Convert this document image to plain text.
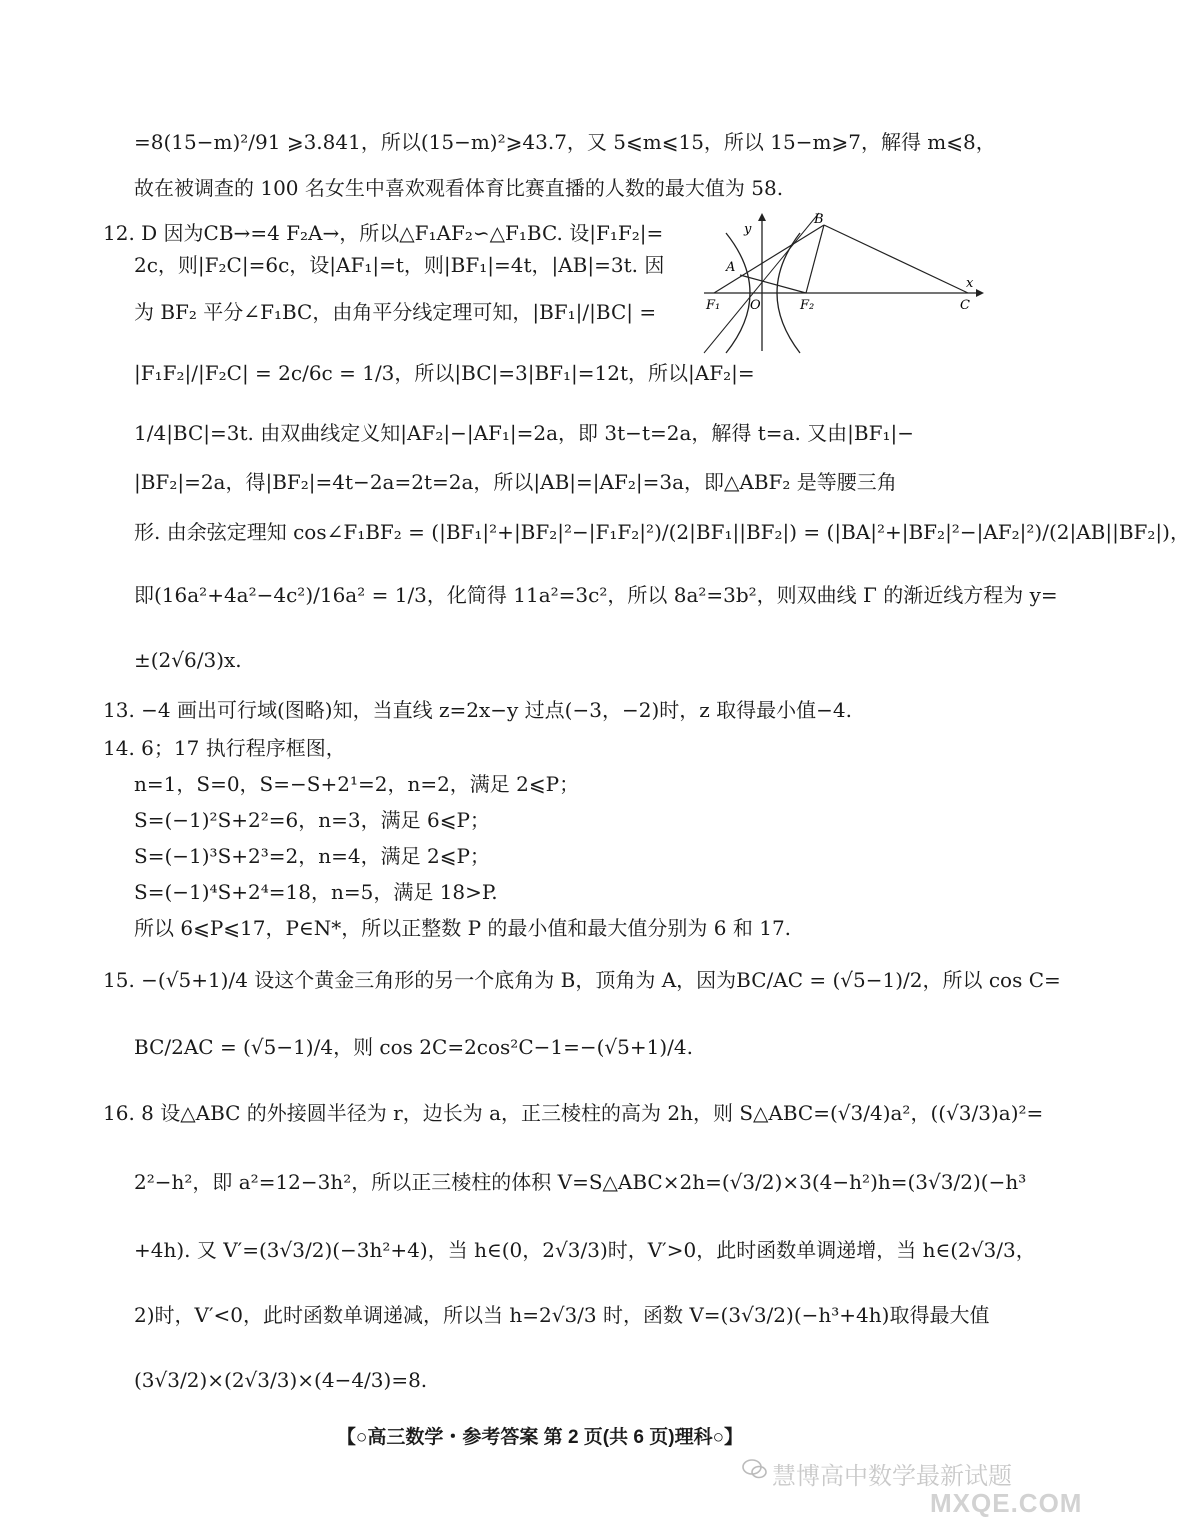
=8(15−m)²/91 ⩾3.841，所以(15−m)²⩾43.7，又 5⩽m⩽15，所以 15−m⩾7，解得 m⩽8，
故在被调查的 100 名女生中喜欢观看体育比赛直播的人数的最大值为 58.
12. D 因为CB→=4 F₂A→，所以△F₁AF₂∽△F₁BC. 设|F₁F₂|=
2c，则|F₂C|=6c，设|AF₁|=t，则|BF₁|=4t，|AB|=3t. 因
为 BF₂ 平分∠F₁BC，由角平分线定理可知，|BF₁|/|BC| =
|F₁F₂|/|F₂C| = 2c/6c = 1/3，所以|BC|=3|BF₁|=12t，所以|AF₂|=
1/4|BC|=3t. 由双曲线定义知|AF₂|−|AF₁|=2a，即 3t−t=2a，解得 t=a. 又由|BF₁|−
|BF₂|=2a，得|BF₂|=4t−2a=2t=2a，所以|AB|=|AF₂|=3a，即△ABF₂ 是等腰三角
形. 由余弦定理知 cos∠F₁BF₂ = (|BF₁|²+|BF₂|²−|F₁F₂|²)/(2|BF₁||BF₂|) = (|BA|²+|BF₂|²−|AF₂|²)/(2|AB||BF₂|)，
即(16a²+4a²−4c²)/16a² = 1/3，化简得 11a²=3c²，所以 8a²=3b²，则双曲线 Γ 的渐近线方程为 y=
±(2√6/3)x.
13. −4 画出可行域(图略)知，当直线 z=2x−y 过点(−3，−2)时，z 取得最小值−4.
14. 6；17 执行程序框图，
n=1，S=0，S=−S+2¹=2，n=2，满足 2⩽P；
S=(−1)²S+2²=6，n=3，满足 6⩽P；
S=(−1)³S+2³=2，n=4，满足 2⩽P；
S=(−1)⁴S+2⁴=18，n=5，满足 18>P.
所以 6⩽P⩽17，P∈N*，所以正整数 P 的最小值和最大值分别为 6 和 17.
15. −(√5+1)/4 设这个黄金三角形的另一个底角为 B，顶角为 A，因为BC/AC = (√5−1)/2，所以 cos C=
BC/2AC = (√5−1)/4，则 cos 2C=2cos²C−1=−(√5+1)/4.
16. 8 设△ABC 的外接圆半径为 r，边长为 a，正三棱柱的高为 2h，则 S△ABC=(√3/4)a²，((√3/3)a)²=
2²−h²，即 a²=12−3h²，所以正三棱柱的体积 V=S△ABC×2h=(√3/2)×3(4−h²)h=(3√3/2)(−h³
+4h). 又 V′=(3√3/2)(−3h²+4)，当 h∈(0，2√3/3)时，V′>0，此时函数单调递增，当 h∈(2√3/3，
2)时，V′<0，此时函数单调递减，所以当 h=2√3/3 时，函数 V=(3√3/2)(−h³+4h)取得最大值
(3√3/2)×(2√3/3)×(4−4/3)=8.
y
B
A
x
F₁ O	F₂	C
【○高三数学・参考答案 第 2 页(共 6 页)理科○】
慧博高中数学最新试题
MXQE.COM
